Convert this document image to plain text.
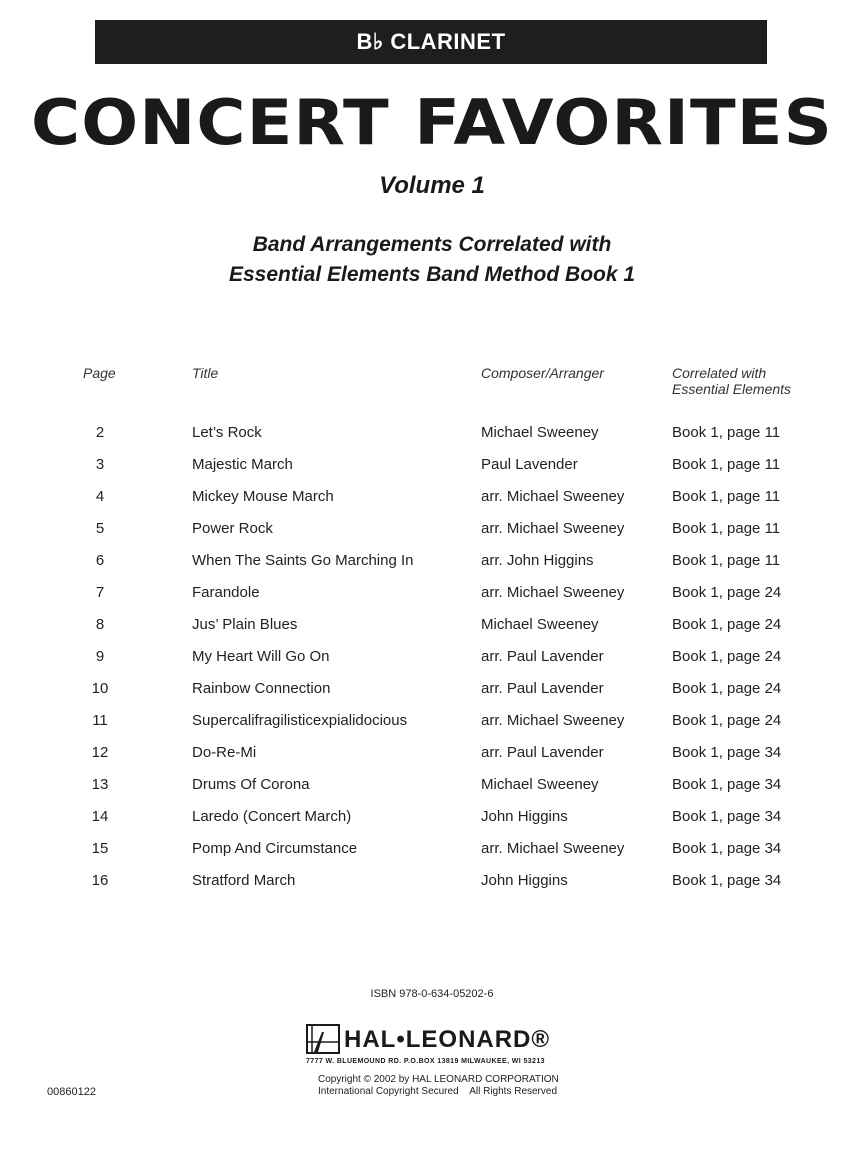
B♭ CLARINET
CONCERT FAVORITES
Volume 1
Band Arrangements Correlated with
Essential Elements Band Method Book 1
Page	Title	Composer/Arranger	Correlated with
Essential Elements
2	Let’s Rock	Michael Sweeney	Book 1, page 11
3	Majestic March	Paul Lavender	Book 1, page 11
4	Mickey Mouse March	arr. Michael Sweeney	Book 1, page 11
5	Power Rock	arr. Michael Sweeney	Book 1, page 11
6	When The Saints Go Marching In	arr. John Higgins	Book 1, page 11
7	Farandole	arr. Michael Sweeney	Book 1, page 24
8	Jus’ Plain Blues	Michael Sweeney	Book 1, page 24
9	My Heart Will Go On	arr. Paul Lavender	Book 1, page 24
10	Rainbow Connection	arr. Paul Lavender	Book 1, page 24
11	Supercalifragilisticexpialidocious	arr. Michael Sweeney	Book 1, page 24
12	Do-Re-Mi	arr. Paul Lavender	Book 1, page 34
13	Drums Of Corona	Michael Sweeney	Book 1, page 34
14	Laredo (Concert March)	John Higgins	Book 1, page 34
15	Pomp And Circumstance	arr. Michael Sweeney	Book 1, page 34
16	Stratford March	John Higgins	Book 1, page 34
ISBN 978-0-634-05202-6
HAL•LEONARD®
7777 W. BLUEMOUND RD. P.O.BOX 13819 MILWAUKEE, WI 53213
Copyright © 2002 by HAL LEONARD CORPORATION
International Copyright Secured    All Rights Reserved
00860122
